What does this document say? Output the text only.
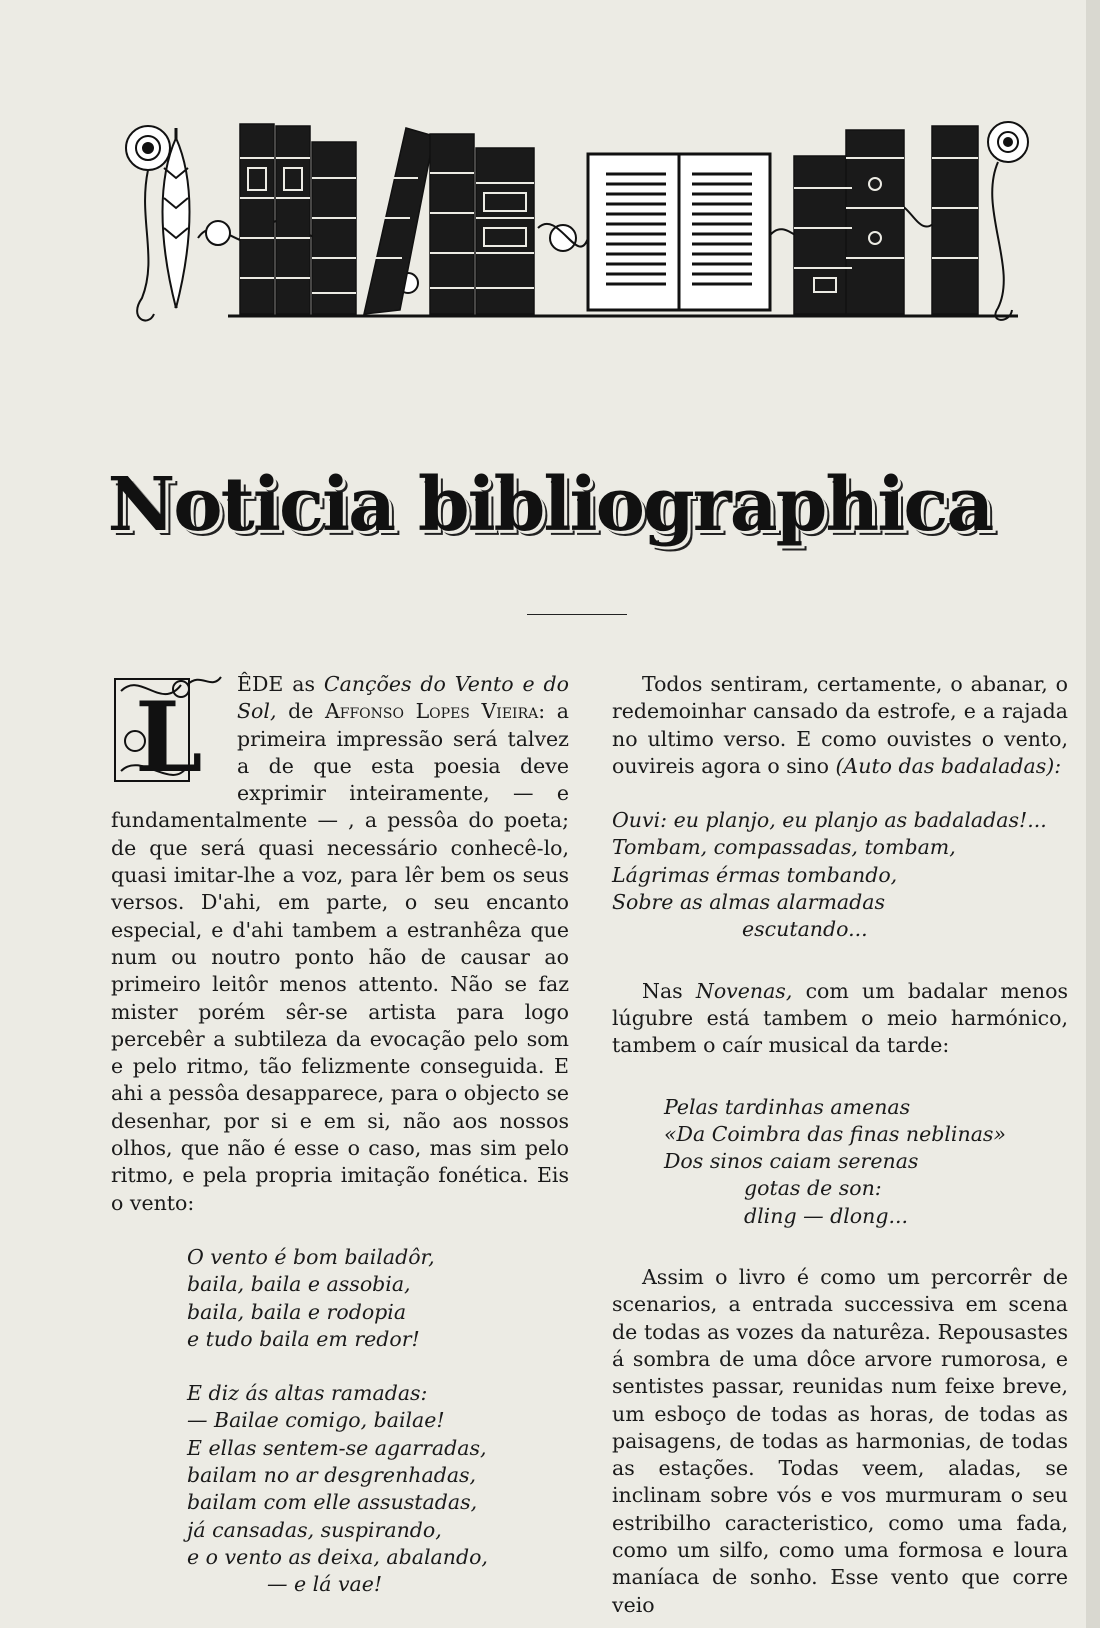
Noticia bibliographica

L ÊDE as Canções do Vento e do Sol, de Affonso Lopes Vieira: a primeira impressão será talvez a de que esta poesia deve exprimir inteiramente, — e fundamentalmente — , a pessôa do poeta; de que será quasi necessário conhecê-lo, quasi imitar-lhe a voz, para lêr bem os seus versos. D'ahi, em parte, o seu encanto especial, e d'ahi tambem a estranhêza que num ou noutro ponto hão de causar ao primeiro leitôr menos attento. Não se faz mister porém sêr-se artista para logo percebêr a subtileza da evocação pelo som e pelo ritmo, tão felizmente conseguida. E ahi a pessôa desapparece, para o objecto se desenhar, por si e em si, não aos nossos olhos, que não é esse o caso, mas sim pelo ritmo, e pela propria imitação fonética. Eis o vento:

O vento é bom bailadôr,
baila, baila e assobia,
baila, baila e rodopia
e tudo baila em redor!
E diz ás altas ramadas:
— Bailae comigo, bailae!
E ellas sentem-se agarradas,
bailam no ar desgrenhadas,
bailam com elle assustadas,
já cansadas, suspirando,
e o vento as deixa, abalando,
— e lá vae!

Todos sentiram, certamente, o abanar, o redemoinhar cansado da estrofe, e a rajada no ultimo verso. E como ouvistes o vento, ouvireis agora o sino (Auto das badaladas):

Ouvi: eu planjo, eu planjo as badaladas!...
Tombam, compassadas, tombam,
Lágrimas érmas tombando,
Sobre as almas alarmadas
escutando...

Nas Novenas, com um badalar menos lúgubre está tambem o meio harmónico, tambem o caír musical da tarde:

Pelas tardinhas amenas
«Da Coimbra das finas neblinas»
Dos sinos caiam serenas
gotas de son:
dling — dlong...

Assim o livro é como um percorrêr de scenarios, a entrada successiva em scena de todas as vozes da naturêza. Repousastes á sombra de uma dôce arvore rumorosa, e sentistes passar, reunidas num feixe breve, um esboço de todas as horas, de todas as paisagens, de todas as harmonias, de todas as estações. Todas veem, aladas, se inclinam sobre vós e vos murmuram o seu estribilho caracteristico, como uma fada, como um silfo, como uma formosa e loura maníaca de sonho. Esse vento que corre veio
